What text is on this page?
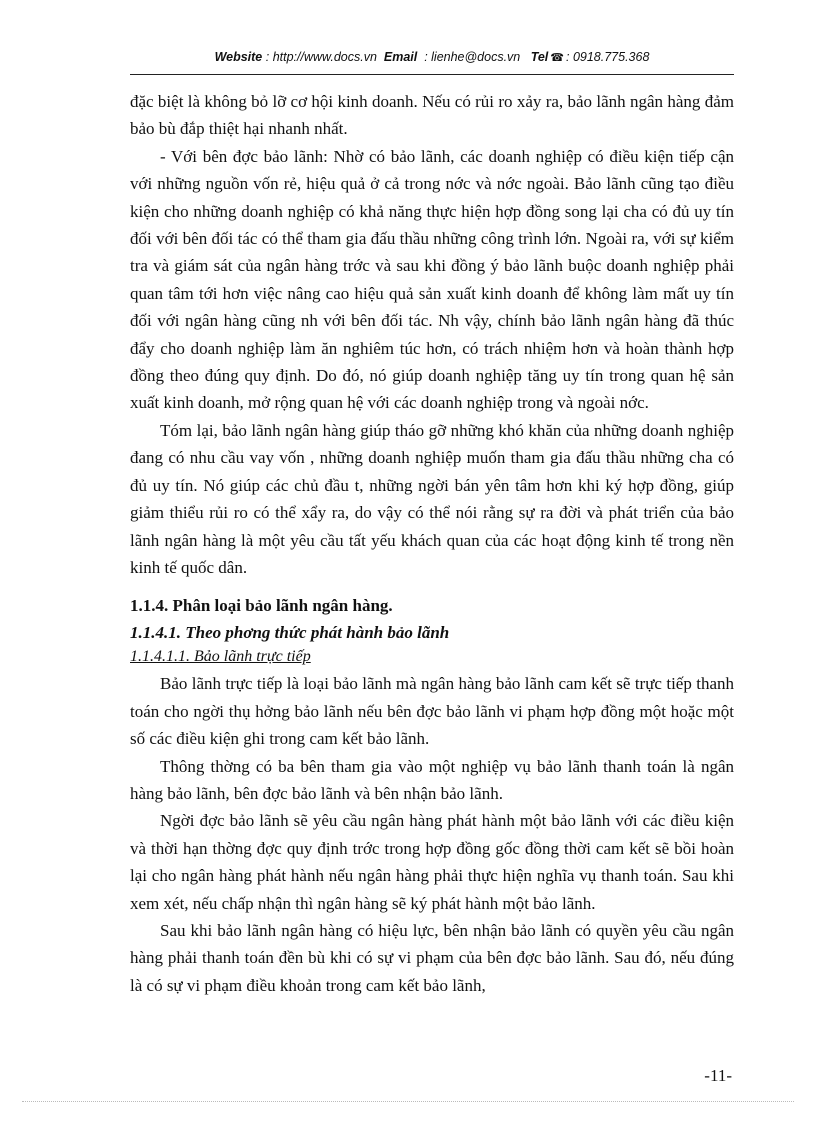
Website : http://www.docs.vn Email : lienhe@docs.vn Tel ☎ : 0918.775.368

đặc biệt là không bỏ lỡ cơ hội kinh doanh. Nếu có rủi ro xảy ra, bảo lãnh ngân hàng đảm bảo bù đắp thiệt hại nhanh nhất.

- Với bên đợc bảo lãnh: Nhờ có bảo lãnh, các doanh nghiệp có điều kiện tiếp cận với những nguồn vốn rẻ, hiệu quả ở cả trong nớc và nớc ngoài. Bảo lãnh cũng tạo điều kiện cho những doanh nghiệp có khả năng thực hiện hợp đồng song lại cha có đủ uy tín đối với bên đối tác có thể tham gia đấu thầu những công trình lớn. Ngoài ra, với sự kiểm tra và giám sát của ngân hàng trớc và sau khi đồng ý bảo lãnh buộc doanh nghiệp phải quan tâm tới hơn việc nâng cao hiệu quả sản xuất kinh doanh để không làm mất uy tín đối với ngân hàng cũng nh với bên đối tác. Nh vậy, chính bảo lãnh ngân hàng đã thúc đẩy cho doanh nghiệp làm ăn nghiêm túc hơn, có trách nhiệm hơn và hoàn thành hợp đồng theo đúng quy định. Do đó, nó giúp doanh nghiệp tăng uy tín trong quan hệ sản xuất kinh doanh, mở rộng quan hệ với các doanh nghiệp trong và ngoài nớc.

Tóm lại, bảo lãnh ngân hàng giúp tháo gỡ những khó khăn của những doanh nghiệp đang có nhu cầu vay vốn , những doanh nghiệp muốn tham gia đấu thầu những cha có đủ uy tín. Nó giúp các chủ đầu t, những ngời bán yên tâm hơn khi ký hợp đồng, giúp giảm thiểu rủi ro có thể xẩy ra, do vậy có thể nói rằng sự ra đời và phát triển của bảo lãnh ngân hàng là một yêu cầu tất yếu khách quan của các hoạt động kinh tế trong nền kinh tế quốc dân.

1.1.4. Phân loại bảo lãnh ngân hàng.

1.1.4.1. Theo phơng thức phát hành bảo lãnh

1.1.4.1.1. Bảo lãnh trực tiếp

Bảo lãnh trực tiếp là loại bảo lãnh mà ngân hàng bảo lãnh cam kết sẽ trực tiếp thanh toán cho ngời thụ hởng bảo lãnh nếu bên đợc bảo lãnh vi phạm hợp đồng một hoặc một số các điều kiện ghi trong cam kết bảo lãnh.

Thông thờng có ba bên tham gia vào một nghiệp vụ bảo lãnh thanh toán là ngân hàng bảo lãnh, bên đợc bảo lãnh và bên nhận bảo lãnh.

Ngời đợc bảo lãnh sẽ yêu cầu ngân hàng phát hành một bảo lãnh với các điều kiện và thời hạn thờng đợc quy định trớc trong hợp đồng gốc đồng thời cam kết sẽ bồi hoàn lại cho ngân hàng phát hành nếu ngân hàng phải thực hiện nghĩa vụ thanh toán. Sau khi xem xét, nếu chấp nhận thì ngân hàng sẽ ký phát hành một bảo lãnh.

Sau khi bảo lãnh ngân hàng có hiệu lực, bên nhận bảo lãnh có quyền yêu cầu ngân hàng phải thanh toán đền bù khi có sự vi phạm của bên đợc bảo lãnh. Sau đó, nếu đúng là có sự vi phạm điều khoản trong cam kết bảo lãnh,

-11-
